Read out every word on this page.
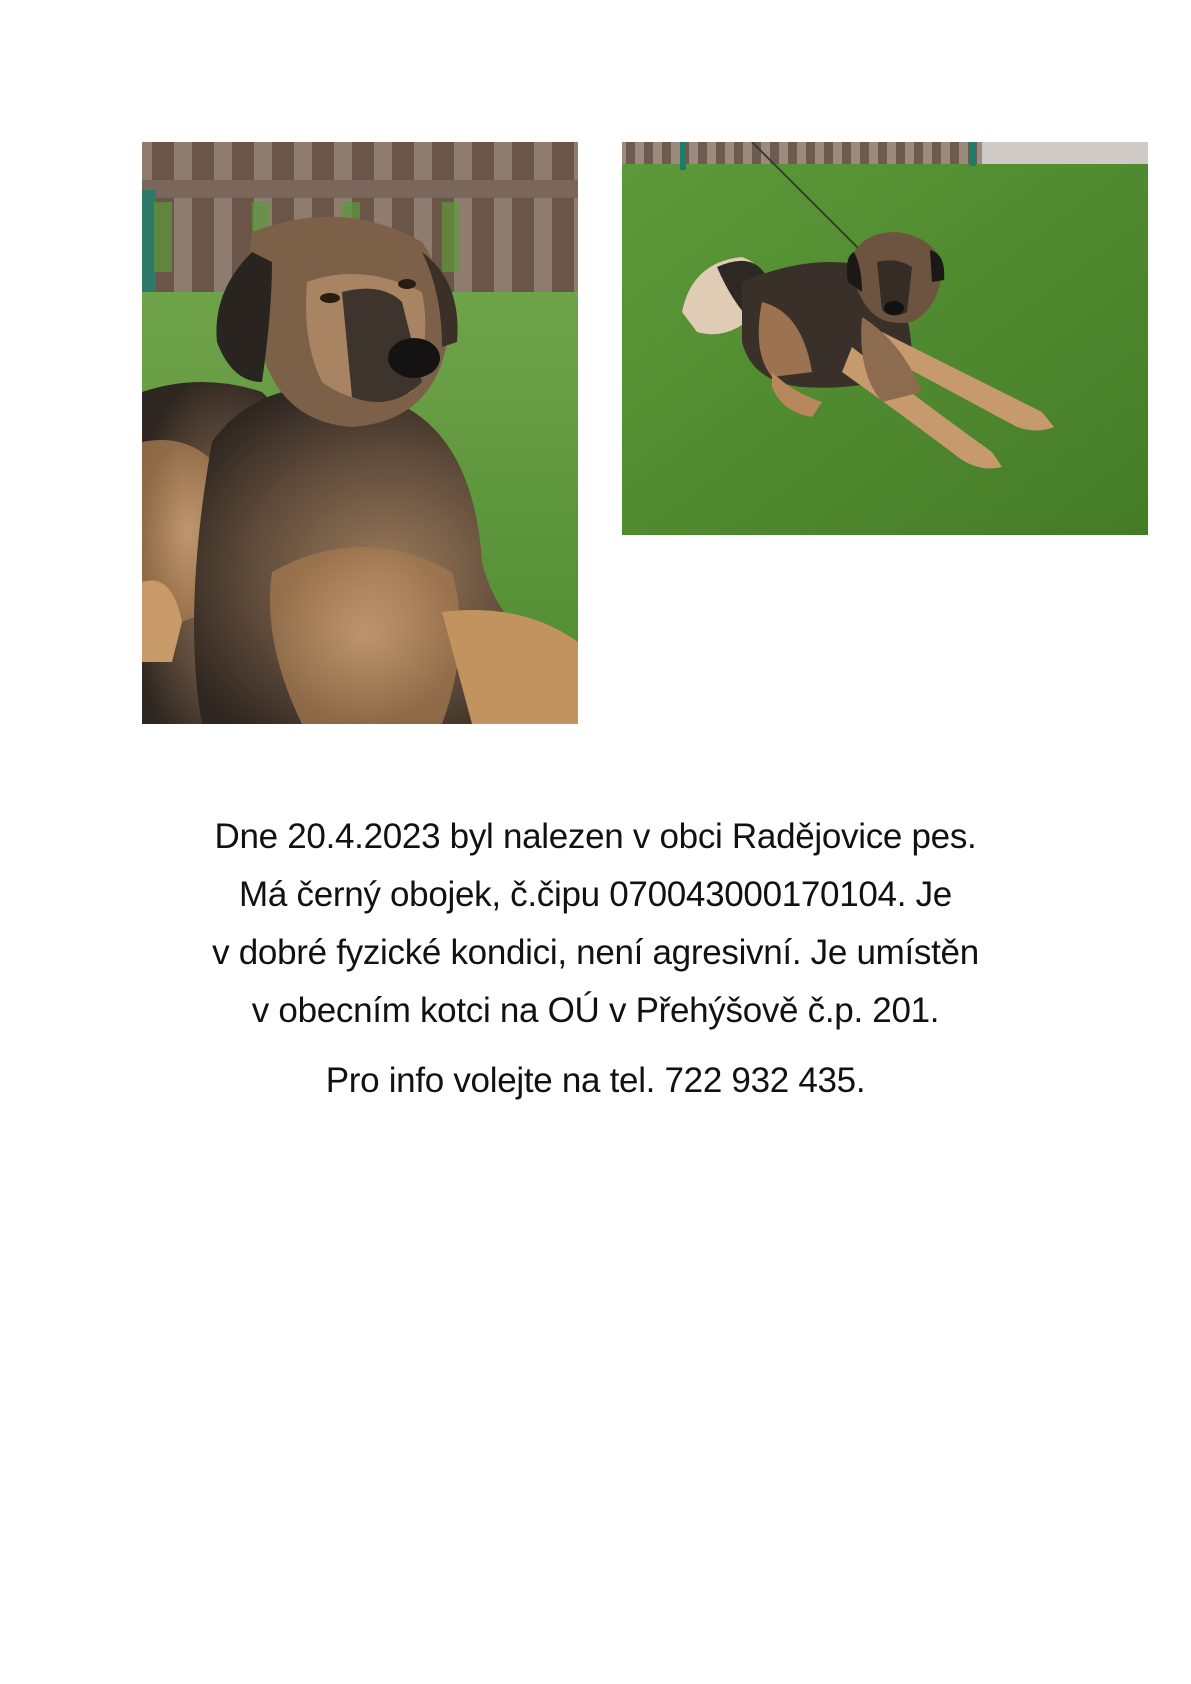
Dne 20.4.2023 byl nalezen v obci Radějovice pes.
Má černý obojek, č.čipu 070043000170104. Je
v dobré fyzické kondici, není agresivní. Je umístěn
v obecním kotci na OÚ v Přehýšově č.p. 201.
Pro info volejte na tel. 722 932 435.
